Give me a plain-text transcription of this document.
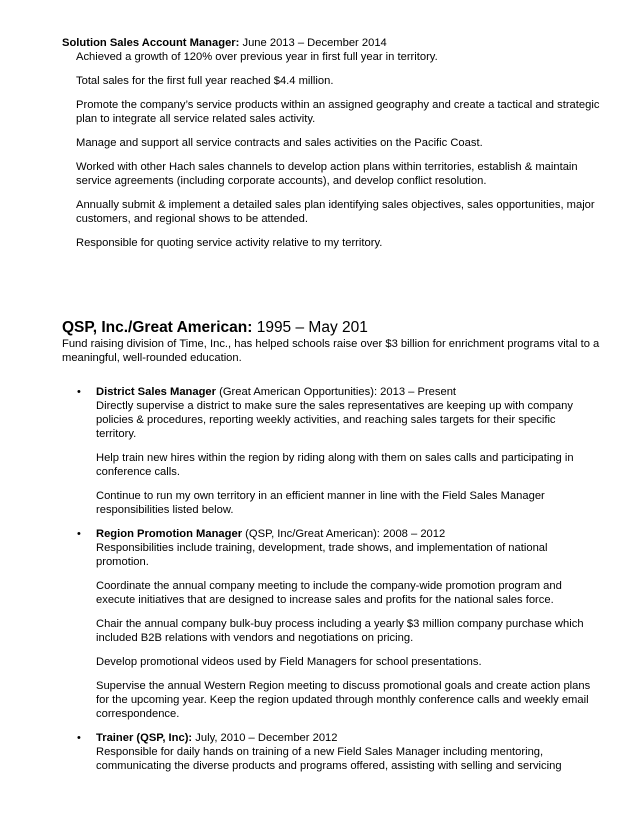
Solution Sales Account Manager: June 2013 – December 2014

Achieved a growth of 120% over previous year in first full year in territory.

Total sales for the first full year reached $4.4 million.

Promote the company’s service products within an assigned geography and create a tactical and strategic plan to integrate all service related sales activity.

Manage and support all service contracts and sales activities on the Pacific Coast.

Worked with other Hach sales channels to develop action plans within territories, establish & maintain service agreements (including corporate accounts), and develop conflict resolution.

Annually submit & implement a detailed sales plan identifying sales objectives, sales opportunities, major customers, and regional shows to be attended.

Responsible for quoting service activity relative to my territory.

QSP, Inc./Great American: 1995 – May 201

Fund raising division of Time, Inc., has helped schools raise over $3 billion for enrichment programs vital to a meaningful, well-rounded education.

• District Sales Manager (Great American Opportunities): 2013 – Present
Directly supervise a district to make sure the sales representatives are keeping up with company policies & procedures, reporting weekly activities, and reaching sales targets for their specific territory.

Help train new hires within the region by riding along with them on sales calls and participating in conference calls.

Continue to run my own territory in an efficient manner in line with the Field Sales Manager responsibilities listed below.

• Region Promotion Manager (QSP, Inc/Great American): 2008 – 2012
Responsibilities include training, development, trade shows, and implementation of national promotion.

Coordinate the annual company meeting to include the company-wide promotion program and execute initiatives that are designed to increase sales and profits for the national sales force.

Chair the annual company bulk-buy process including a yearly $3 million company purchase which included B2B relations with vendors and negotiations on pricing.

Develop promotional videos used by Field Managers for school presentations.

Supervise the annual Western Region meeting to discuss promotional goals and create action plans for the upcoming year. Keep the region updated through monthly conference calls and weekly email correspondence.

• Trainer (QSP, Inc): July, 2010 – December 2012
Responsible for daily hands on training of a new Field Sales Manager including mentoring, communicating the diverse products and programs offered, assisting with selling and servicing
